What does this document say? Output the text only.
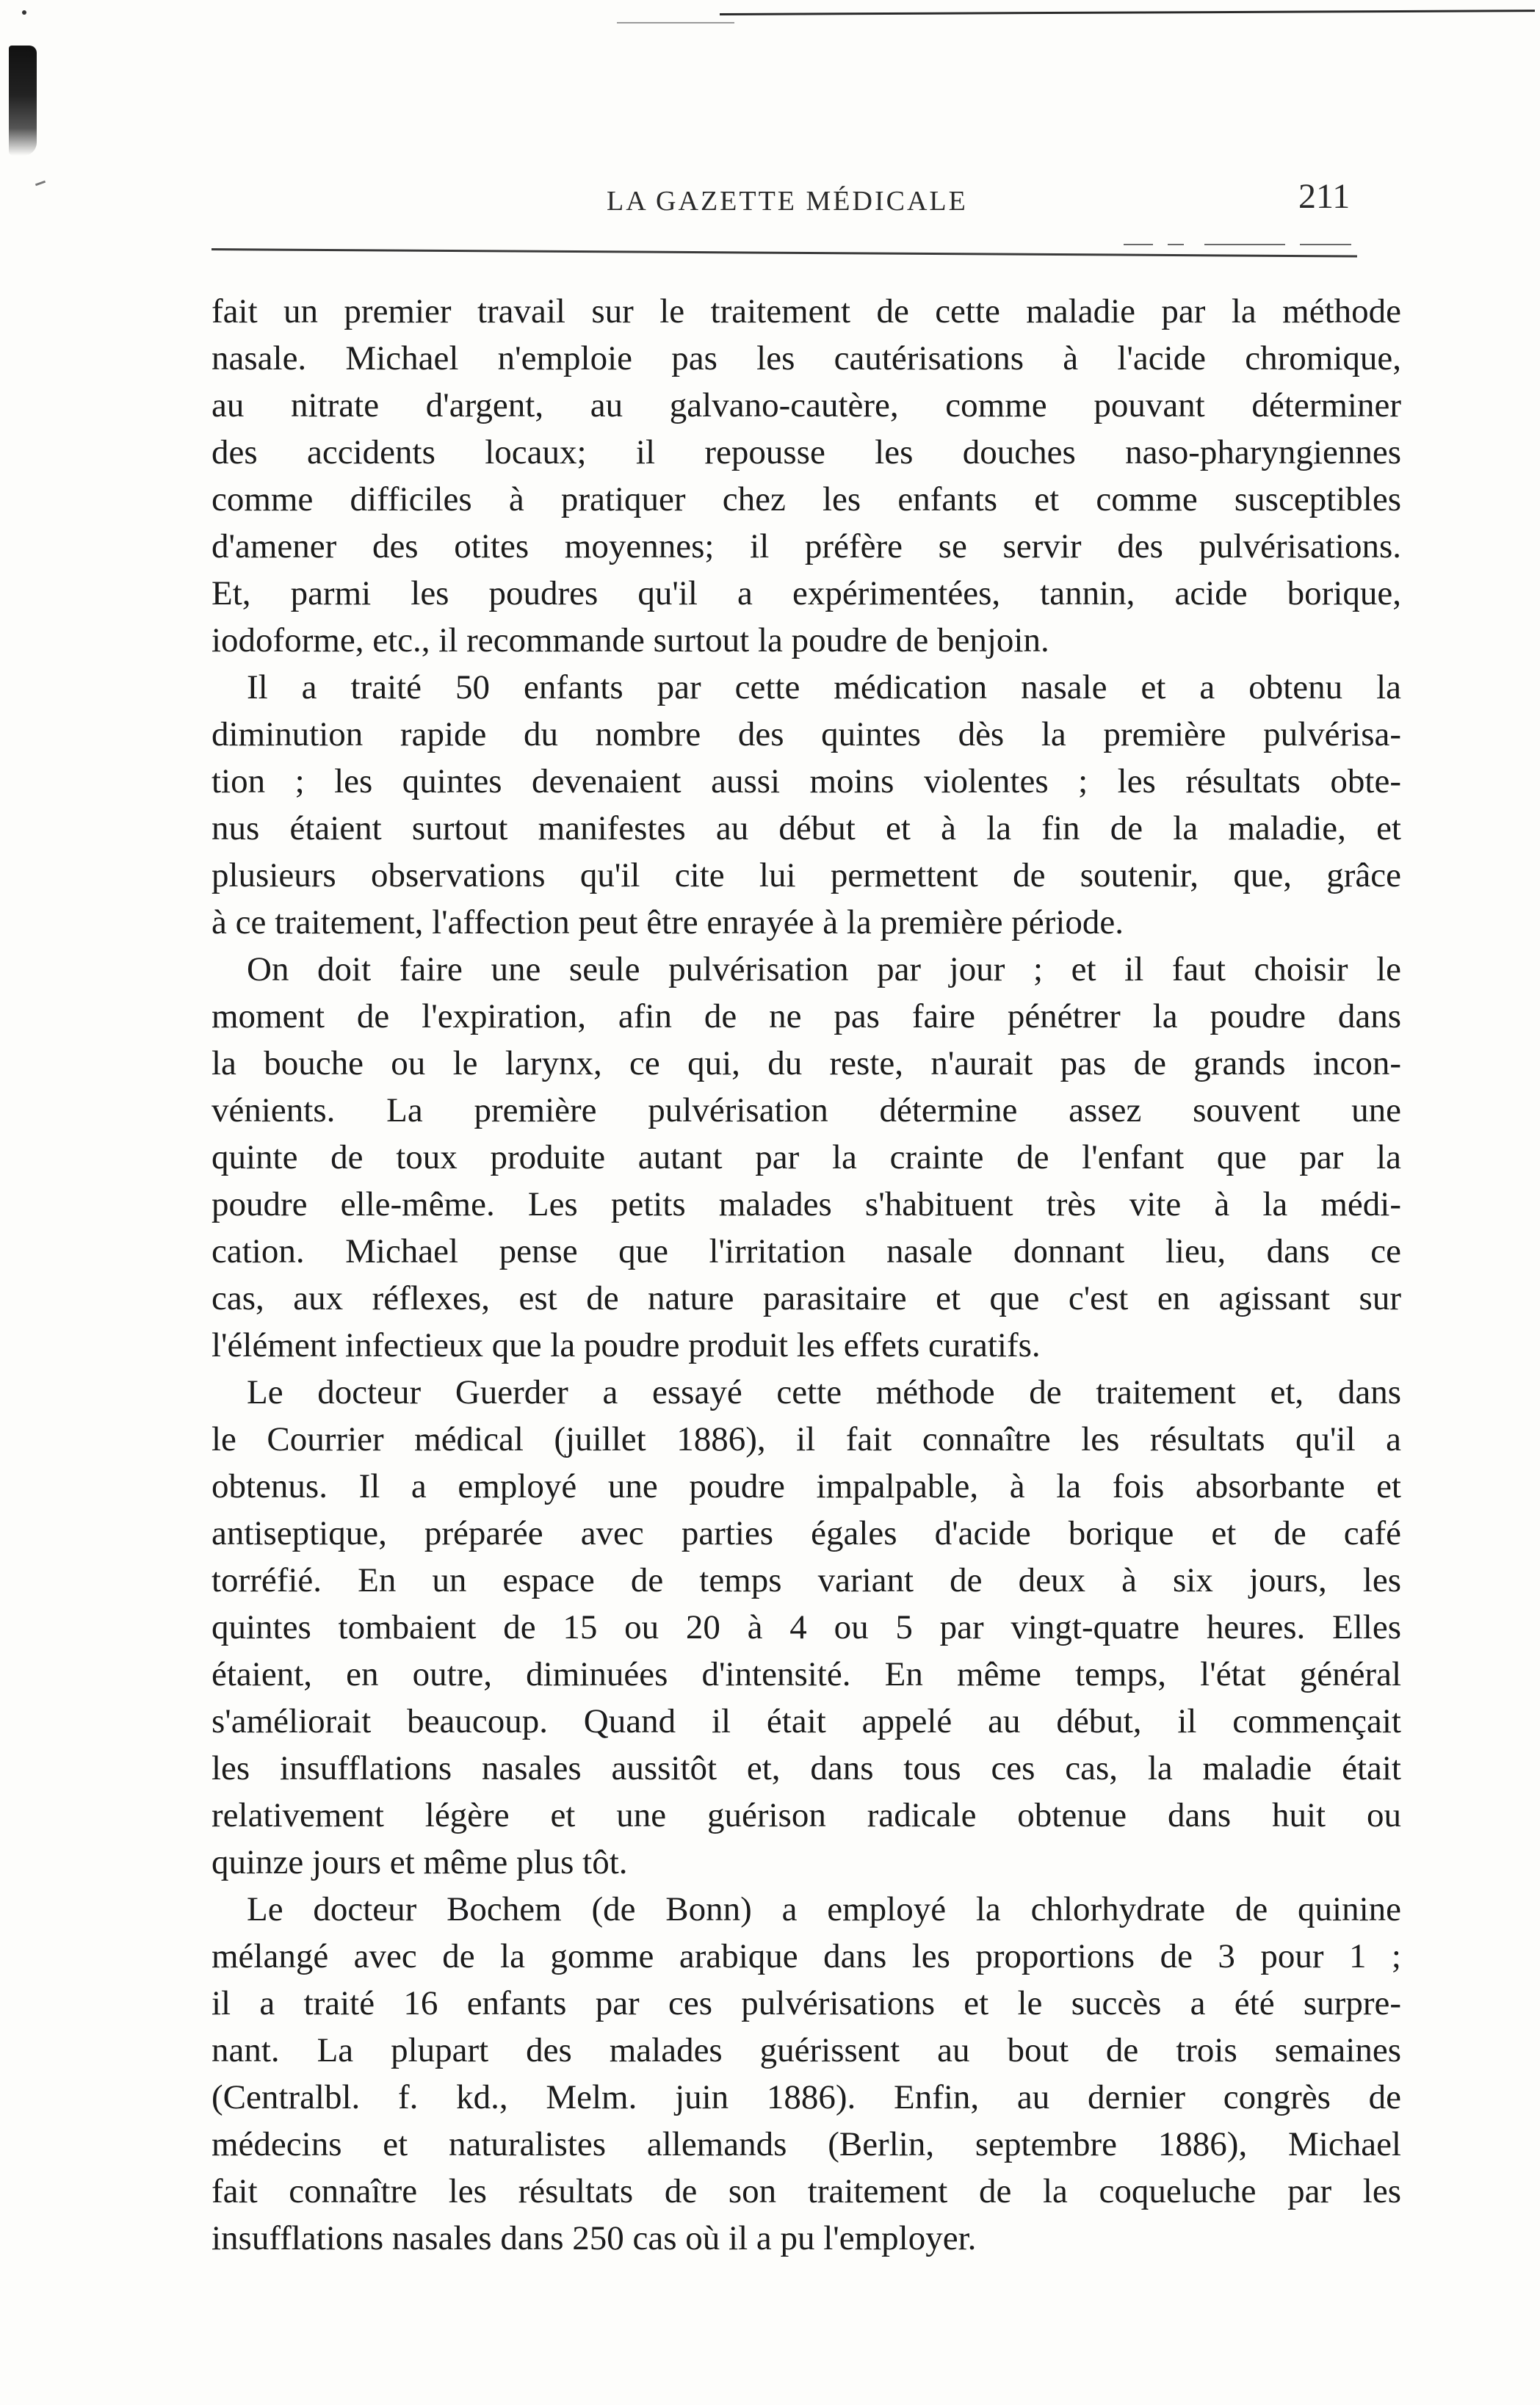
LA GAZETTE MÉDICALE	211
fait un premier travail sur le traitement de cette maladie par la méthode
nasale. Michael n'emploie pas les cautérisations à l'acide chromique,
au nitrate d'argent, au galvano-cautère, comme pouvant déterminer
des accidents locaux; il repousse les douches naso-pharyngiennes
comme difficiles à pratiquer chez les enfants et comme susceptibles
d'amener des otites moyennes; il préfère se servir des pulvérisations.
Et, parmi les poudres qu'il a expérimentées, tannin, acide borique,
iodoforme, etc., il recommande surtout la poudre de benjoin.
Il a traité 50 enfants par cette médication nasale et a obtenu la
diminution rapide du nombre des quintes dès la première pulvérisa-
tion ; les quintes devenaient aussi moins violentes ; les résultats obte-
nus étaient surtout manifestes au début et à la fin de la maladie, et
plusieurs observations qu'il cite lui permettent de soutenir, que, grâce
à ce traitement, l'affection peut être enrayée à la première période.
On doit faire une seule pulvérisation par jour ; et il faut choisir le
moment de l'expiration, afin de ne pas faire pénétrer la poudre dans
la bouche ou le larynx, ce qui, du reste, n'aurait pas de grands incon-
vénients. La première pulvérisation détermine assez souvent une
quinte de toux produite autant par la crainte de l'enfant que par la
poudre elle-même. Les petits malades s'habituent très vite à la médi-
cation. Michael pense que l'irritation nasale donnant lieu, dans ce
cas, aux réflexes, est de nature parasitaire et que c'est en agissant sur
l'élément infectieux que la poudre produit les effets curatifs.
Le docteur Guerder a essayé cette méthode de traitement et, dans
le Courrier médical (juillet 1886), il fait connaître les résultats qu'il a
obtenus. Il a employé une poudre impalpable, à la fois absorbante et
antiseptique, préparée avec parties égales d'acide borique et de café
torréfié. En un espace de temps variant de deux à six jours, les
quintes tombaient de 15 ou 20 à 4 ou 5 par vingt-quatre heures. Elles
étaient, en outre, diminuées d'intensité. En même temps, l'état général
s'améliorait beaucoup. Quand il était appelé au début, il commençait
les insufflations nasales aussitôt et, dans tous ces cas, la maladie était
relativement légère et une guérison radicale obtenue dans huit ou
quinze jours et même plus tôt.
Le docteur Bochem (de Bonn) a employé la chlorhydrate de quinine
mélangé avec de la gomme arabique dans les proportions de 3 pour 1 ;
il a traité 16 enfants par ces pulvérisations et le succès a été surpre-
nant. La plupart des malades guérissent au bout de trois semaines
(Centralbl. f. kd., Melm. juin 1886). Enfin, au dernier congrès de
médecins et naturalistes allemands (Berlin, septembre 1886), Michael
fait connaître les résultats de son traitement de la coqueluche par les
insufflations nasales dans 250 cas où il a pu l'employer.
